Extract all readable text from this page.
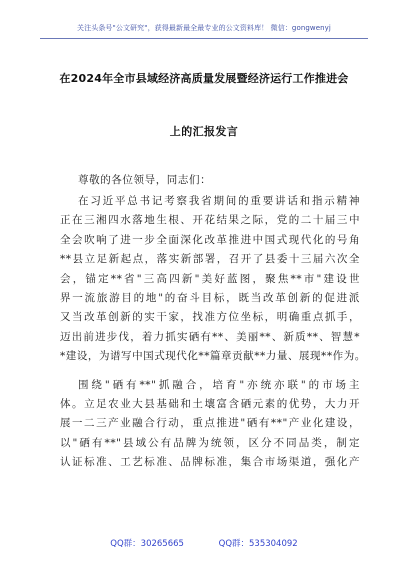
关注头条号"公文研究"，获得最新最全最专业的公文资料库！ 微信：gongwenyj
在2024年全市县域经济高质量发展暨经济运行工作推进会
上的汇报发言
尊敬的各位领导，同志们：
在习近平总书记考察我省期间的重要讲话和指示精神
正在三湘四水落地生根、开花结果之际，党的二十届三中
全会吹响了进一步全面深化改革推进中国式现代化的号角
**县立足新起点，落实新部署，召开了县委十三届六次全
会，锚定**省"三高四新"美好蓝图，聚焦**市"建设世
界一流旅游目的地"的奋斗目标，既当改革创新的促进派
又当改革创新的实干家，找准方位坐标，明确重点抓手，
迈出前进步伐，着力抓实硒有**、美丽**、新质**、智慧*
*建设，为谱写中国式现代化**篇章贡献**力量、展现**作为。
围绕"硒有**"抓融合，培育"亦统亦联"的市场主
体。立足农业大县基础和土壤富含硒元素的优势，大力开
展一二三产业融合行动，重点推进"硒有**"产业化建设，
以"硒有**"县域公有品牌为统领，区分不同品类，制定
认证标准、工艺标准、品牌标准，集合市场渠道，强化产
QQ群：30265665	QQ群：535304092
